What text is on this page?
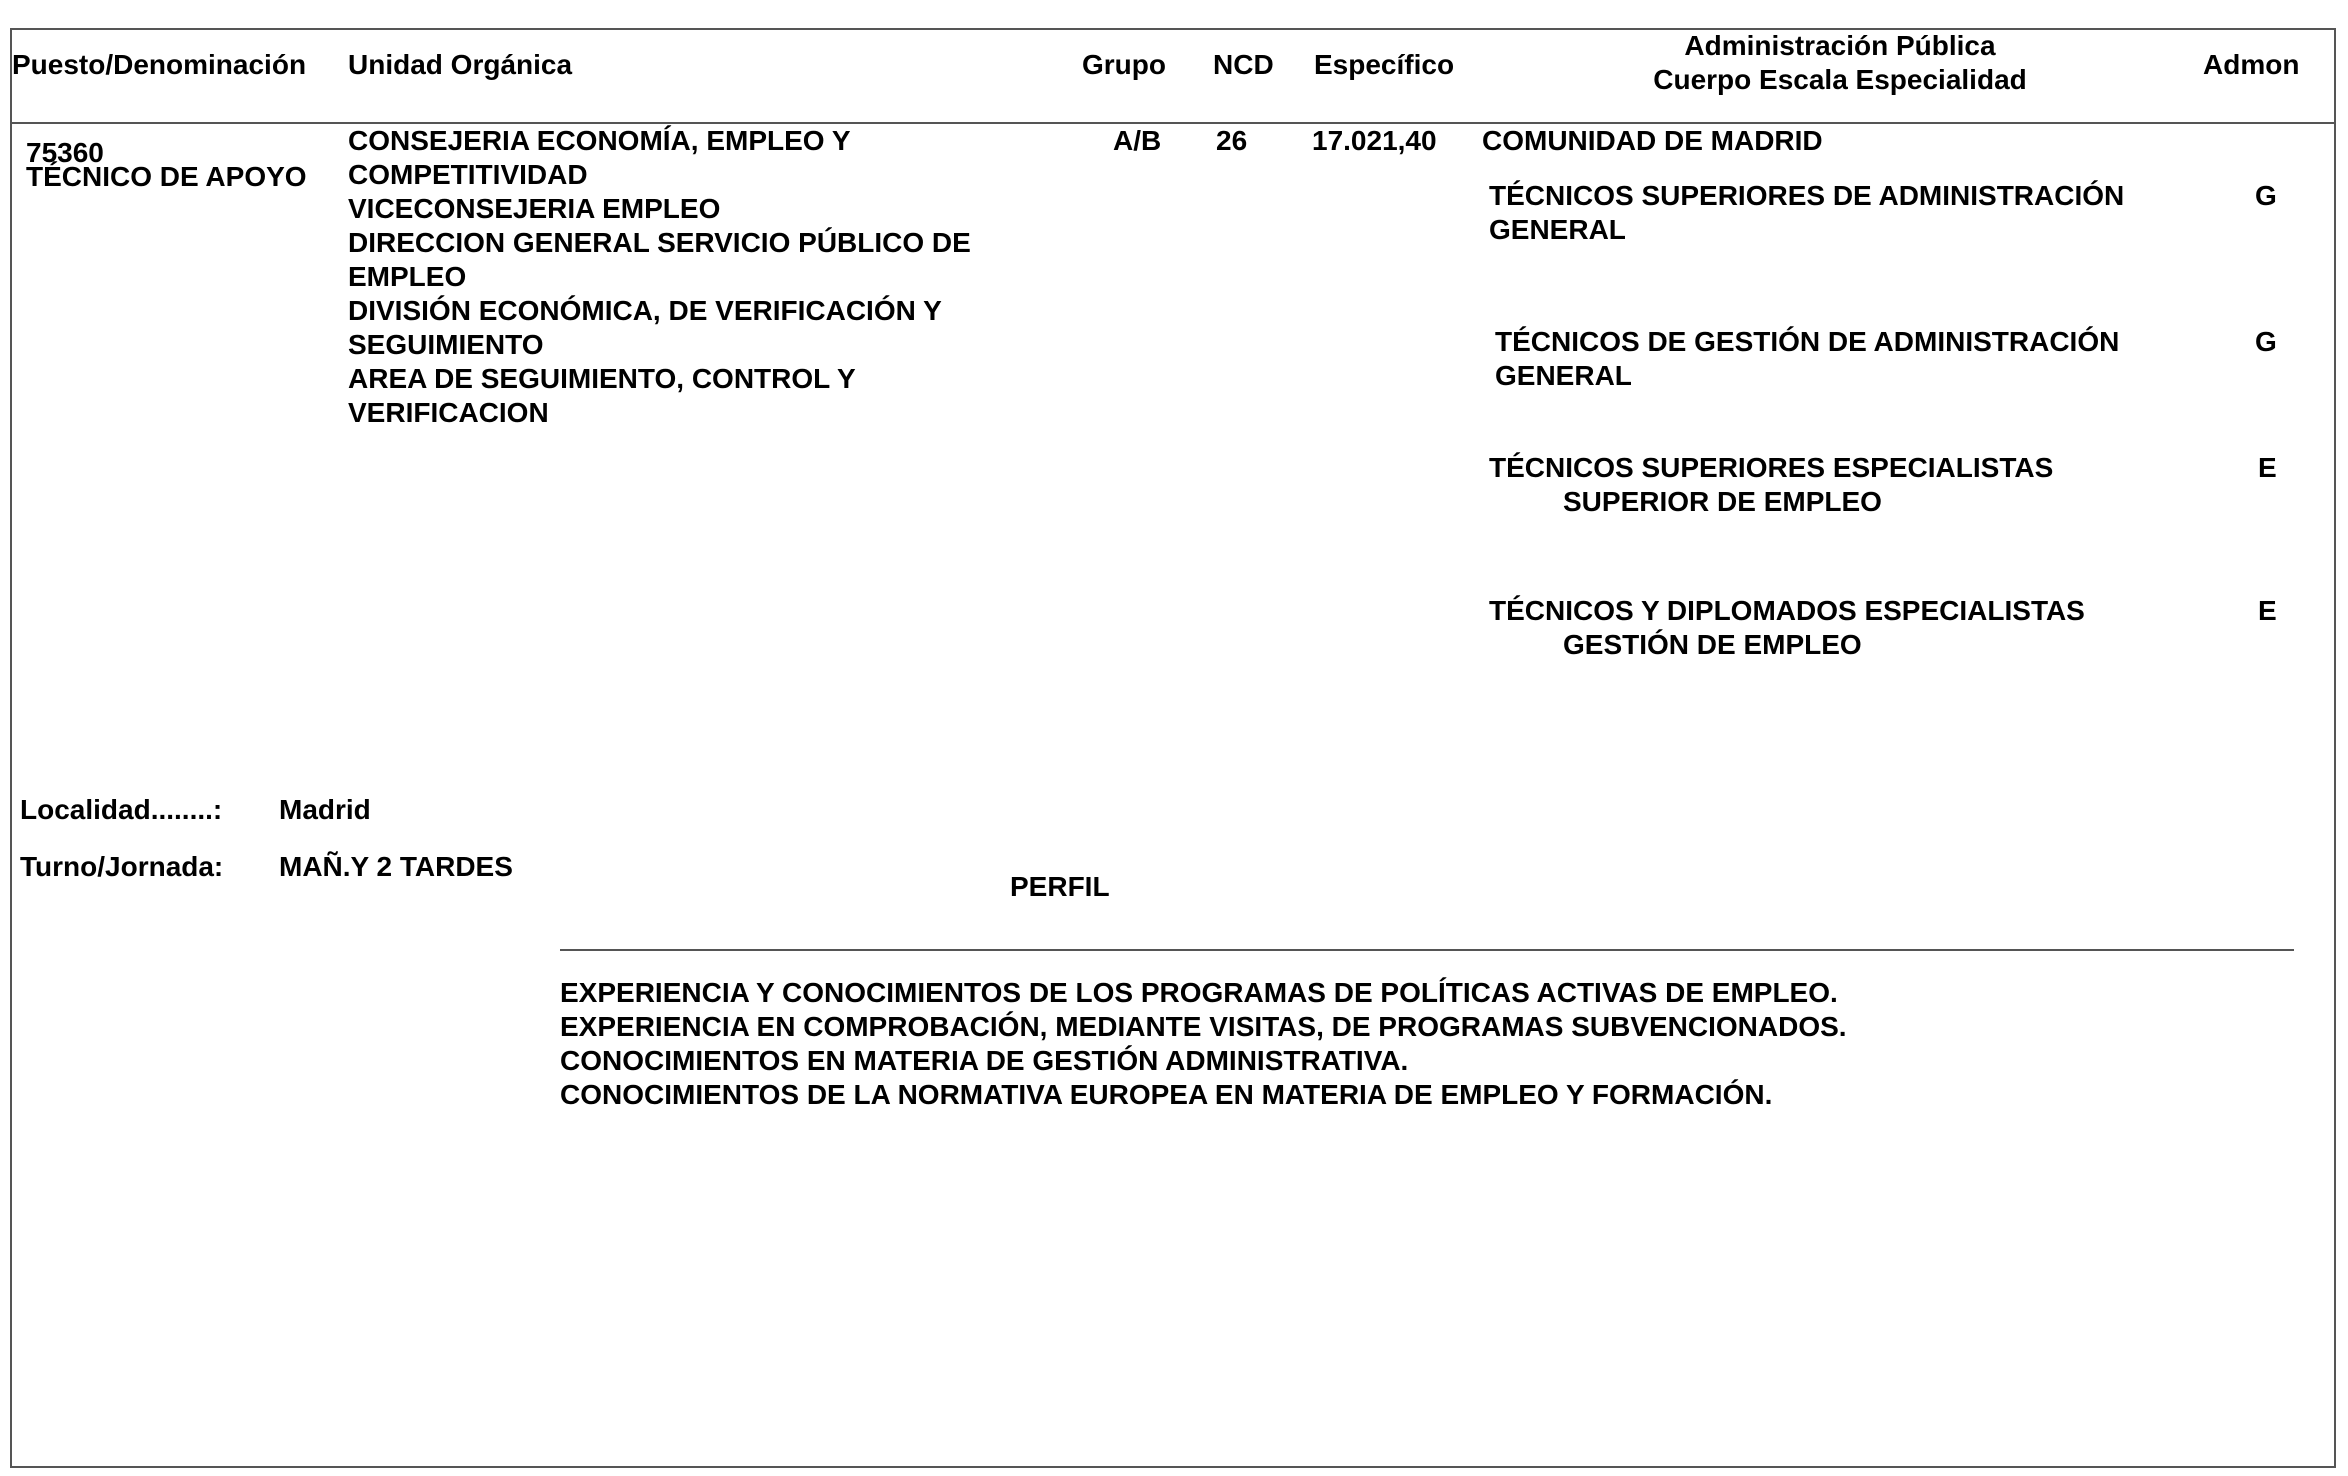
Puesto/Denominación Unidad Orgánica	Grupo NCD Específico
Administración Pública
Cuerpo Escala Especialidad	Admon
75360
TÉCNICO DE APOYO
CONSEJERIA ECONOMÍA, EMPLEO Y
COMPETITIVIDAD
VICECONSEJERIA EMPLEO
DIRECCION GENERAL SERVICIO PÚBLICO DE
EMPLEO
DIVISIÓN ECONÓMICA, DE VERIFICACIÓN Y
SEGUIMIENTO
AREA DE SEGUIMIENTO, CONTROL Y
VERIFICACION
A/B 26 17.021,40 COMUNIDAD DE MADRID
TÉCNICOS SUPERIORES DE ADMINISTRACIÓN
GENERAL
G
TÉCNICOS DE GESTIÓN DE ADMINISTRACIÓN
GENERAL
G
TÉCNICOS SUPERIORES ESPECIALISTAS
SUPERIOR DE EMPLEO
E
TÉCNICOS Y DIPLOMADOS ESPECIALISTAS
GESTIÓN DE EMPLEO
E
Localidad........: Madrid
Turno/Jornada: MAÑ.Y 2 TARDES
PERFIL
EXPERIENCIA Y CONOCIMIENTOS DE LOS PROGRAMAS DE POLÍTICAS ACTIVAS DE EMPLEO.
EXPERIENCIA EN COMPROBACIÓN, MEDIANTE VISITAS, DE PROGRAMAS SUBVENCIONADOS.
CONOCIMIENTOS EN MATERIA DE GESTIÓN ADMINISTRATIVA.
CONOCIMIENTOS DE LA NORMATIVA EUROPEA EN MATERIA DE EMPLEO Y FORMACIÓN.
